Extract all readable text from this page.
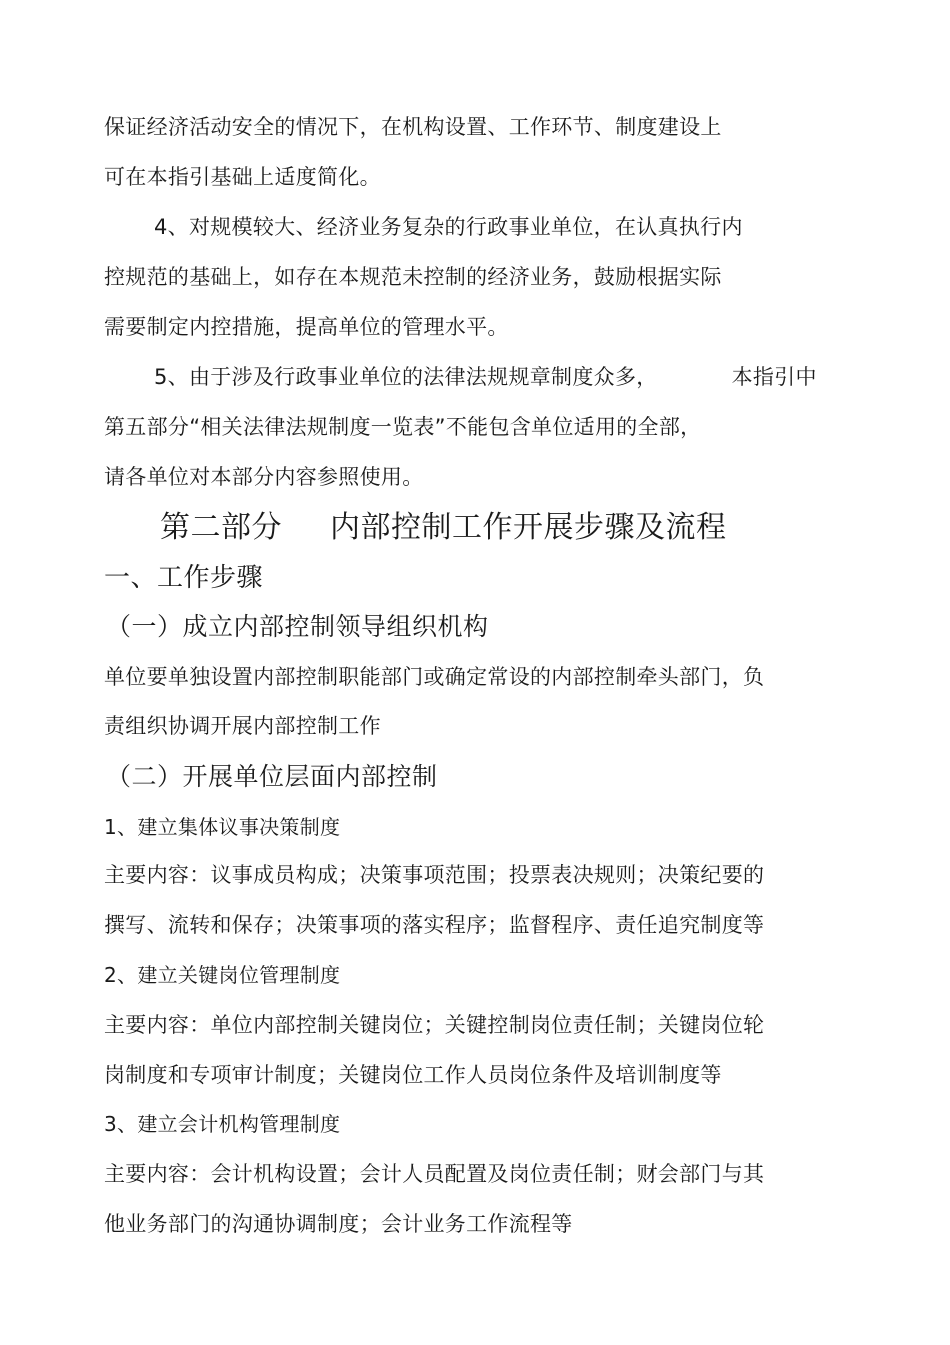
保证经济活动安全的情况下，在机构设置、工作环节、制度建设上
可在本指引基础上适度简化。
4、对规模较大、经济业务复杂的行政事业单位，在认真执行内
控规范的基础上，如存在本规范未控制的经济业务，鼓励根据实际
需要制定内控措施，提高单位的管理水平。
5、由于涉及行政事业单位的法律法规规章制度众多，	本指引中
第五部分“相关法律法规制度一览表”不能包含单位适用的全部，
请各单位对本部分内容参照使用。
第二部分 内部控制工作开展步骤及流程
一、工作步骤
（一）成立内部控制领导组织机构
单位要单独设置内部控制职能部门或确定常设的内部控制牵头部门，负
责组织协调开展内部控制工作
（二）开展单位层面内部控制
1、建立集体议事决策制度
主要内容：议事成员构成；决策事项范围；投票表决规则；决策纪要的
撰写、流转和保存；决策事项的落实程序；监督程序、责任追究制度等
2、建立关键岗位管理制度
主要内容：单位内部控制关键岗位；关键控制岗位责任制；关键岗位轮
岗制度和专项审计制度；关键岗位工作人员岗位条件及培训制度等
3、建立会计机构管理制度
主要内容：会计机构设置；会计人员配置及岗位责任制；财会部门与其
他业务部门的沟通协调制度；会计业务工作流程等
